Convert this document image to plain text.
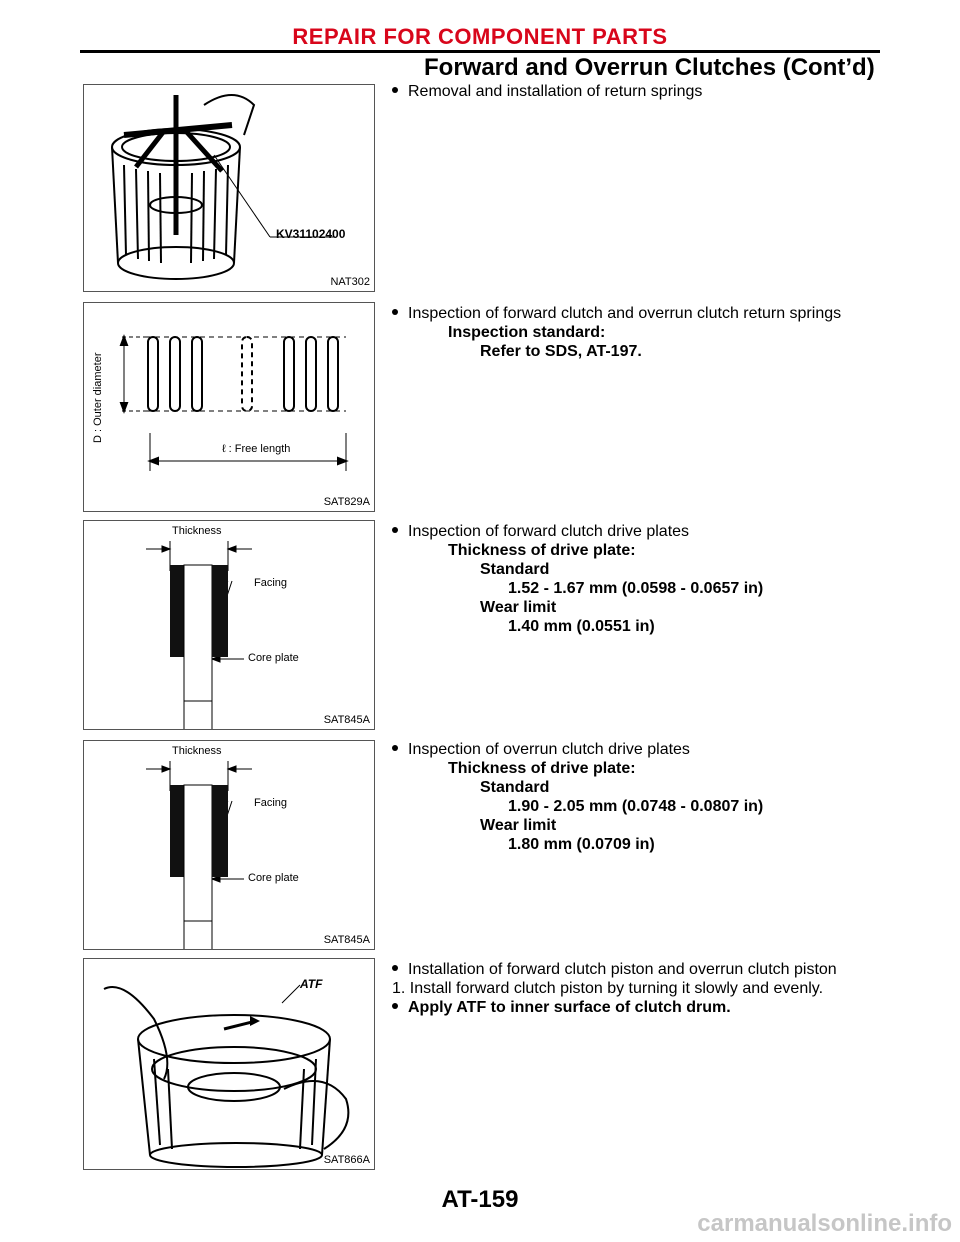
REPAIR FOR COMPONENT PARTS
Forward and Overrun Clutches (Cont’d)
KV31102400
NAT302
D : Outer diameter
ℓ : Free length
SAT829A
Thickness
Facing
Core plate
SAT845A
Thickness
Facing
Core plate
SAT845A
ATF
SAT866A
Removal and installation of return springs
Inspection of forward clutch and overrun clutch return springs
Inspection standard:
Refer to SDS, AT-197.
Inspection of forward clutch drive plates
Thickness of drive plate:
Standard
1.52 - 1.67 mm (0.0598 - 0.0657 in)
Wear limit
1.40 mm (0.0551 in)
Inspection of overrun clutch drive plates
Thickness of drive plate:
Standard
1.90 - 2.05 mm (0.0748 - 0.0807 in)
Wear limit
1.80 mm (0.0709 in)
Installation of forward clutch piston and overrun clutch piston
1. Install forward clutch piston by turning it slowly and evenly.
Apply ATF to inner surface of clutch drum.
AT-159
carmanualsonline.info
